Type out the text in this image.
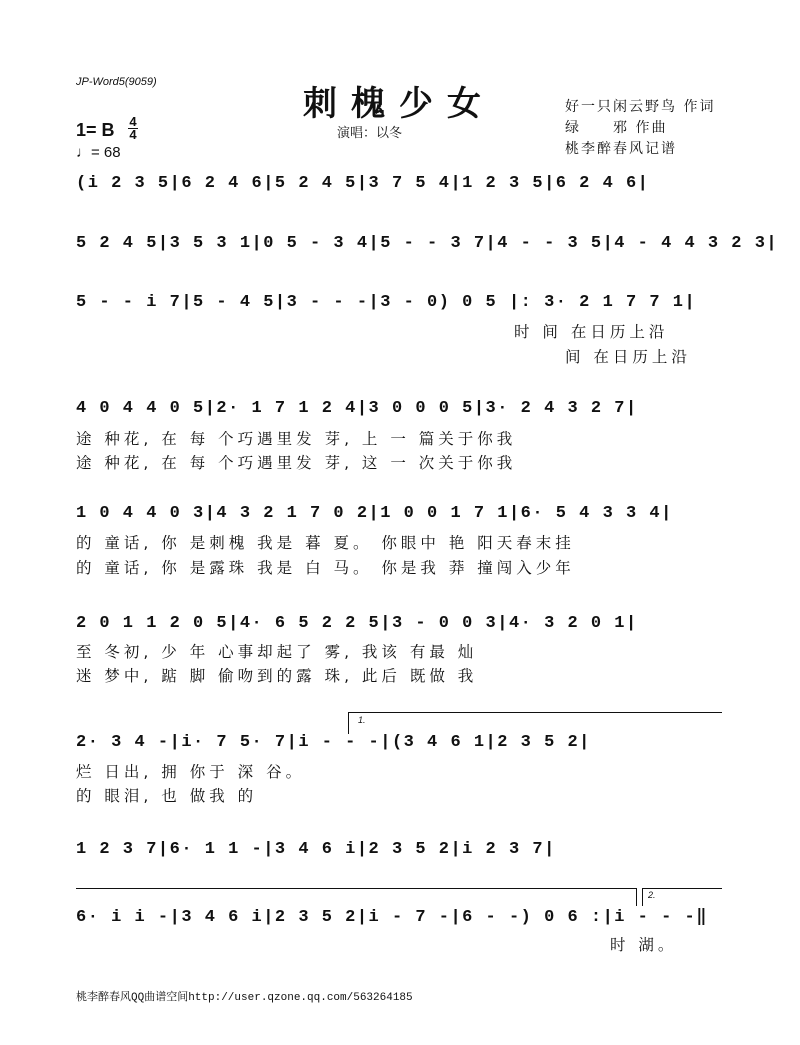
JP-Word5(9059)
刺槐少女
演唱：以冬
好一只闲云野鸟 作词
绿　　邪 作曲
桃李醉春风记谱
1= B 4
4
♩= 68
(i 2 3 5|6 2 4 6|5 2 4 5|3 7 5 4|1 2 3 5|6 2 4 6|
5 2 4 5|3 5 3 1|0 5 - 3 4|5 - - 3 7|4 - - 3 5|4 - 4 4 3 2 3|
5 - - i 7|5 - 4 5|3 - - -|3 - 0) 0 5 |: 3· 2 1 7 7 1|
时 间 在日历上沿
间 在日历上沿
4 0 4 4 0 5|2· 1 7 1 2 4|3 0 0 0 5|3· 2 4 3 2 7|
途 种花, 在 每 个巧遇里发 芽, 上 一 篇关于你我
途 种花, 在 每 个巧遇里发 芽, 这 一 次关于你我
1 0 4 4 0 3|4 3 2 1 7 0 2|1 0 0 1 7 1|6· 5 4 3 3 4|
的 童话, 你 是刺槐 我是 暮 夏。 你眼中 艳 阳天春末挂
的 童话, 你 是露珠 我是 白 马。 你是我 莽 撞闯入少年
2 0 1 1 2 0 5|4· 6 5 2 2 5|3 - 0 0 3|4· 3 2 0 1|
至 冬初, 少 年 心事却起了 雾, 我该 有最 灿
迷 梦中, 踮 脚 偷吻到的露 珠, 此后 既做 我
1.
2· 3 4 -|i· 7 5· 7|i - - -|(3 4 6 1|2 3 5 2|
烂 日出, 拥 你于 深 谷。
的 眼泪, 也 做我 的
1 2 3 7|6· 1 1 -|3 4 6 i|2 3 5 2|i 2 3 7|
2.
6· i i -|3 4 6 i|2 3 5 2|i - 7 -|6 - -) 0 6 :|i - - -‖
时 湖。
桃李醉春风QQ曲谱空间http://user.qzone.qq.com/563264185
